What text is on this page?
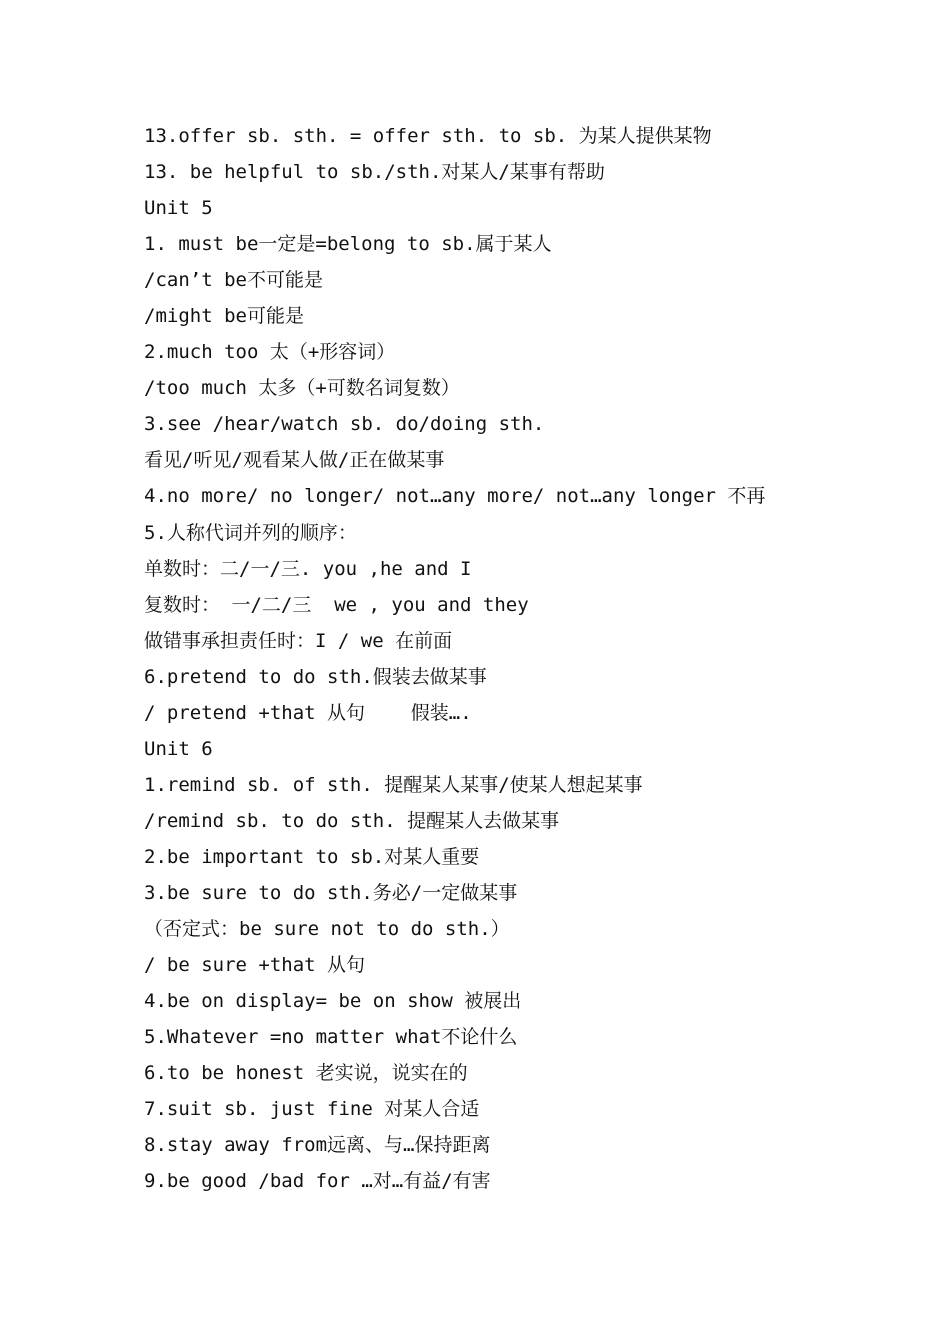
13.offer sb. sth. = offer sth. to sb. 为某人提供某物
13. be helpful to sb./sth.对某人/某事有帮助
Unit 5
1. must be一定是=belong to sb.属于某人
/can’t be不可能是
/might be可能是
2.much too 太（+形容词）
/too much 太多（+可数名词复数）
3.see /hear/watch sb. do/doing sth.
看见/听见/观看某人做/正在做某事
4.no more/ no longer/ not…any more/ not…any longer 不再
5.人称代词并列的顺序：
单数时：二/一/三. you ,he and I
复数时： 一/二/三  we , you and they
做错事承担责任时：I / we 在前面
6.pretend to do sth.假装去做某事
/ pretend +that 从句    假装….
Unit 6
1.remind sb. of sth. 提醒某人某事/使某人想起某事
/remind sb. to do sth. 提醒某人去做某事
2.be important to sb.对某人重要
3.be sure to do sth.务必/一定做某事
（否定式：be sure not to do sth.）
/ be sure +that 从句
4.be on display= be on show 被展出
5.Whatever =no matter what不论什么
6.to be honest 老实说，说实在的
7.suit sb. just fine 对某人合适
8.stay away from远离、与…保持距离
9.be good /bad for …对…有益/有害
